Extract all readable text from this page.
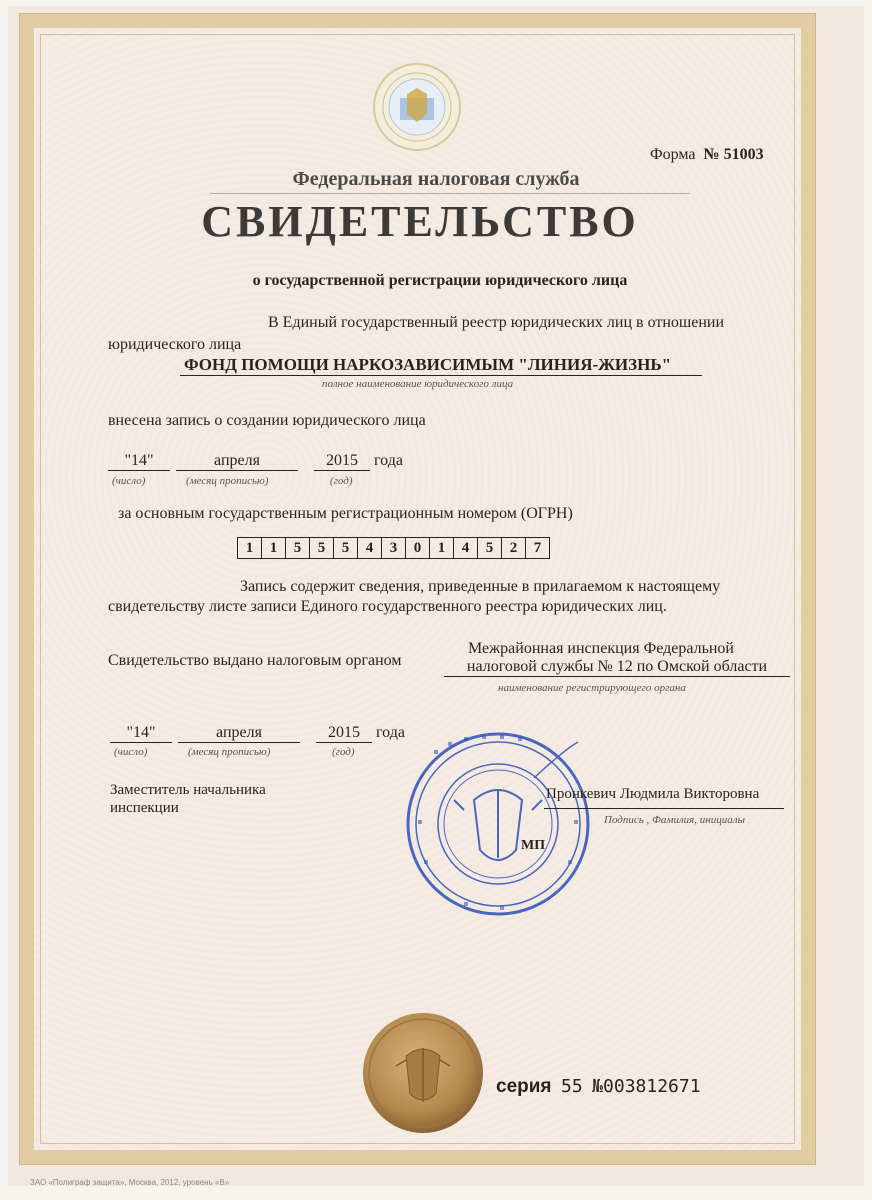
Форма № 51003
Федеральная налоговая служба
СВИДЕТЕЛЬСТВО
о государственной регистрации юридического лица
В Единый государственный реестр юридических лиц в отношении
юридического лица
ФОНД ПОМОЩИ НАРКОЗАВИСИМЫМ "ЛИНИЯ-ЖИЗНЬ"
полное наименование юридического лица
внесена запись о создании юридического лица
"14"	апреля	2015	года
(число)	(месяц прописью)	(год)
за основным государственным регистрационным номером (ОГРН)
1	1	5	5	5	4	3	0	1	4	5	2	7
Запись содержит сведения, приведенные в прилагаемом к настоящему
свидетельству листе записи Единого государственного реестра юридических лиц.
Свидетельство выдано налоговым органом
Межрайонная инспекция Федеральной
налоговой службы № 12 по Омской области
наименование регистрирующего органа
"14"	апреля	2015	года
(число)	(месяц прописью)	(год)
Заместитель начальника
инспекции
Пронкевич Людмила Викторовна
Подпись , Фамилия, инициалы
МП
серия 55 №003812671
ЗАО «Полиграф защита», Москва, 2012, уровень «В»
